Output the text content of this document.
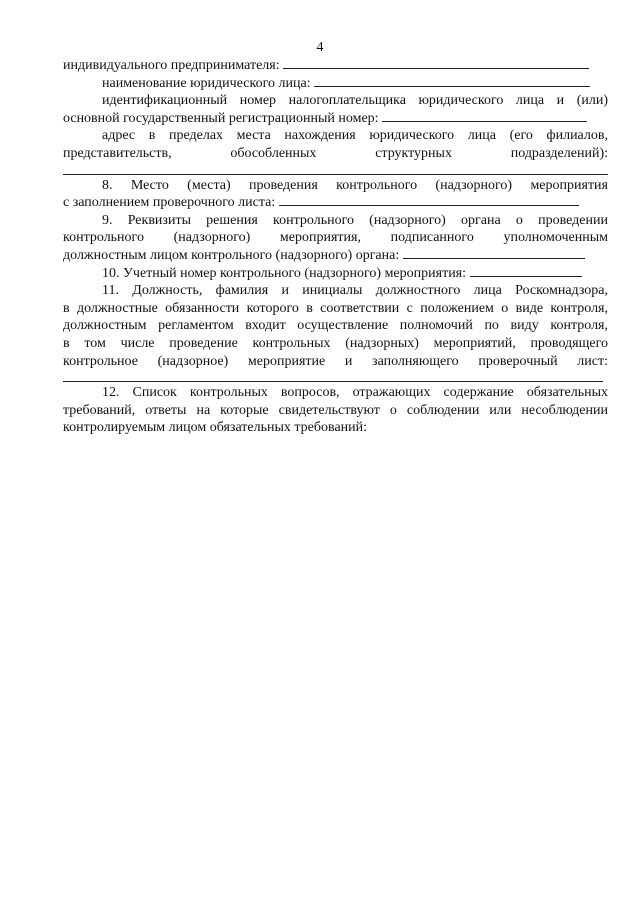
4
индивидуального предпринимателя:
наименование юридического лица:
идентификационный номер налогоплательщика юридического лица и (или)
основной государственный регистрационный номер:
адрес в пределах места нахождения юридического лица (его филиалов,
представительств, обособленных структурных подразделений):
8. Место (места) проведения контрольного (надзорного) мероприятия
с заполнением проверочного листа:
9. Реквизиты решения контрольного (надзорного) органа о проведении
контрольного (надзорного) мероприятия, подписанного уполномоченным
должностным лицом контрольного (надзорного) органа:
10. Учетный номер контрольного (надзорного) мероприятия:
11. Должность, фамилия и инициалы должностного лица Роскомнадзора,
в должностные обязанности которого в соответствии с положением о виде контроля,
должностным регламентом входит осуществление полномочий по виду контроля,
в том числе проведение контрольных (надзорных) мероприятий, проводящего
контрольное (надзорное) мероприятие и заполняющего проверочный лист:
12. Список контрольных вопросов, отражающих содержание обязательных
требований, ответы на которые свидетельствуют о соблюдении или несоблюдении
контролируемым лицом обязательных требований:
